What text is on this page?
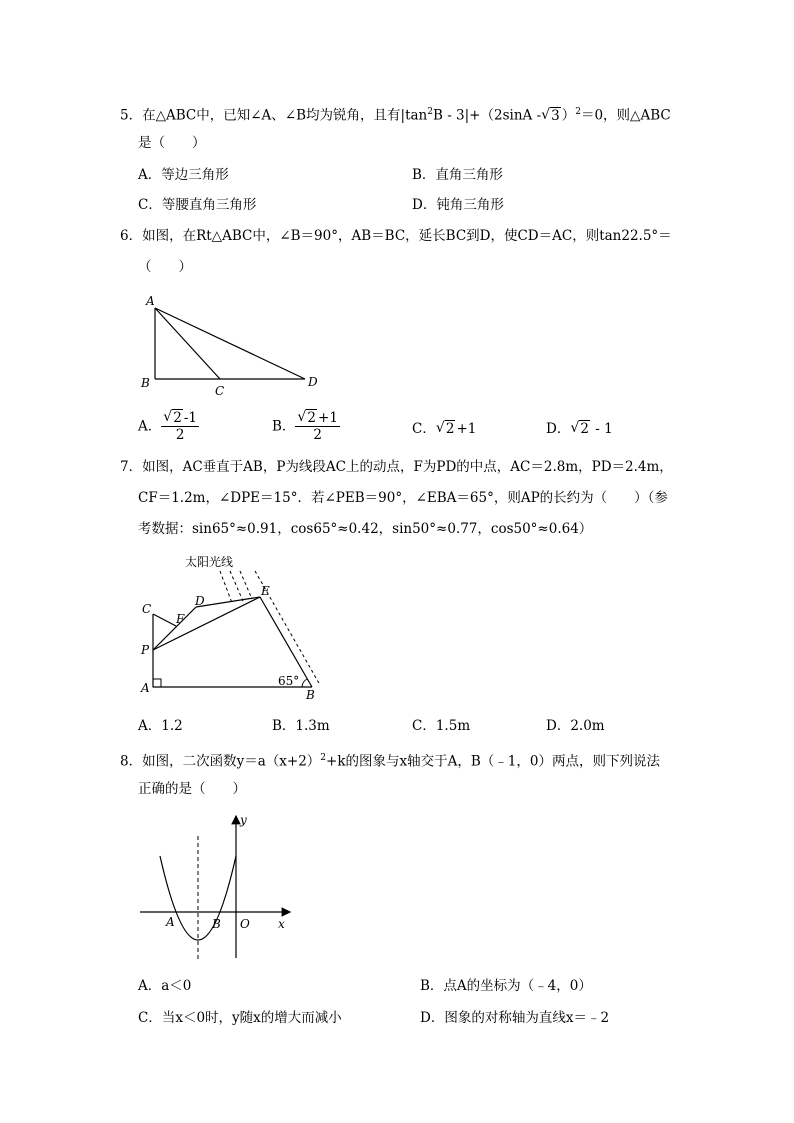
5．在△ABC中，已知∠A、∠B均为锐角，且有$|\tan^2B - 3|+(2\sin A$ - √ 3 ）$^2$＝0，则△ABC
是（　　）
A．等边三角形	B．直角三角形
C．等腰直角三角形	D．钝角三角形
6．如图，在Rt△ABC中，∠B＝90°，AB＝BC，延长BC到D，使CD＝AC，则tan22.5°＝
（　　）
A
B
C
D
A． √ $\frac{2 -1}{2}$	B． √ $\frac{2 +1}{2}$	C． √ 2 +1	D． √ 2 - 1
7．如图，AC垂直于AB，P为线段AC上的动点，F为PD的中点，AC＝2.8m，PD＝2.4m，
CF＝1.2m，∠DPE＝15°．若∠PEB＝90°，∠EBA＝65°，则AP的长约为（　　）（参
考数据：sin65°≈0.91，cos65°≈0.42，sin50°≈0.77，cos50°≈0.64）
太阳光线
C
F
D
E
P
A	B
65°
A．1.2	B．1.3m	C．1.5m	D．2.0m
8．如图，二次函数$y=a(x+2)^2+k$的图象与x轴交于A，B（﹣1，0）两点，则下列说法
正确的是（　　）
y
x
O
A	B
A．a＜0	B．点A的坐标为（﹣4，0）
C．当x＜0时，y随x的增大而减小	D．图象的对称轴为直线x＝﹣2
